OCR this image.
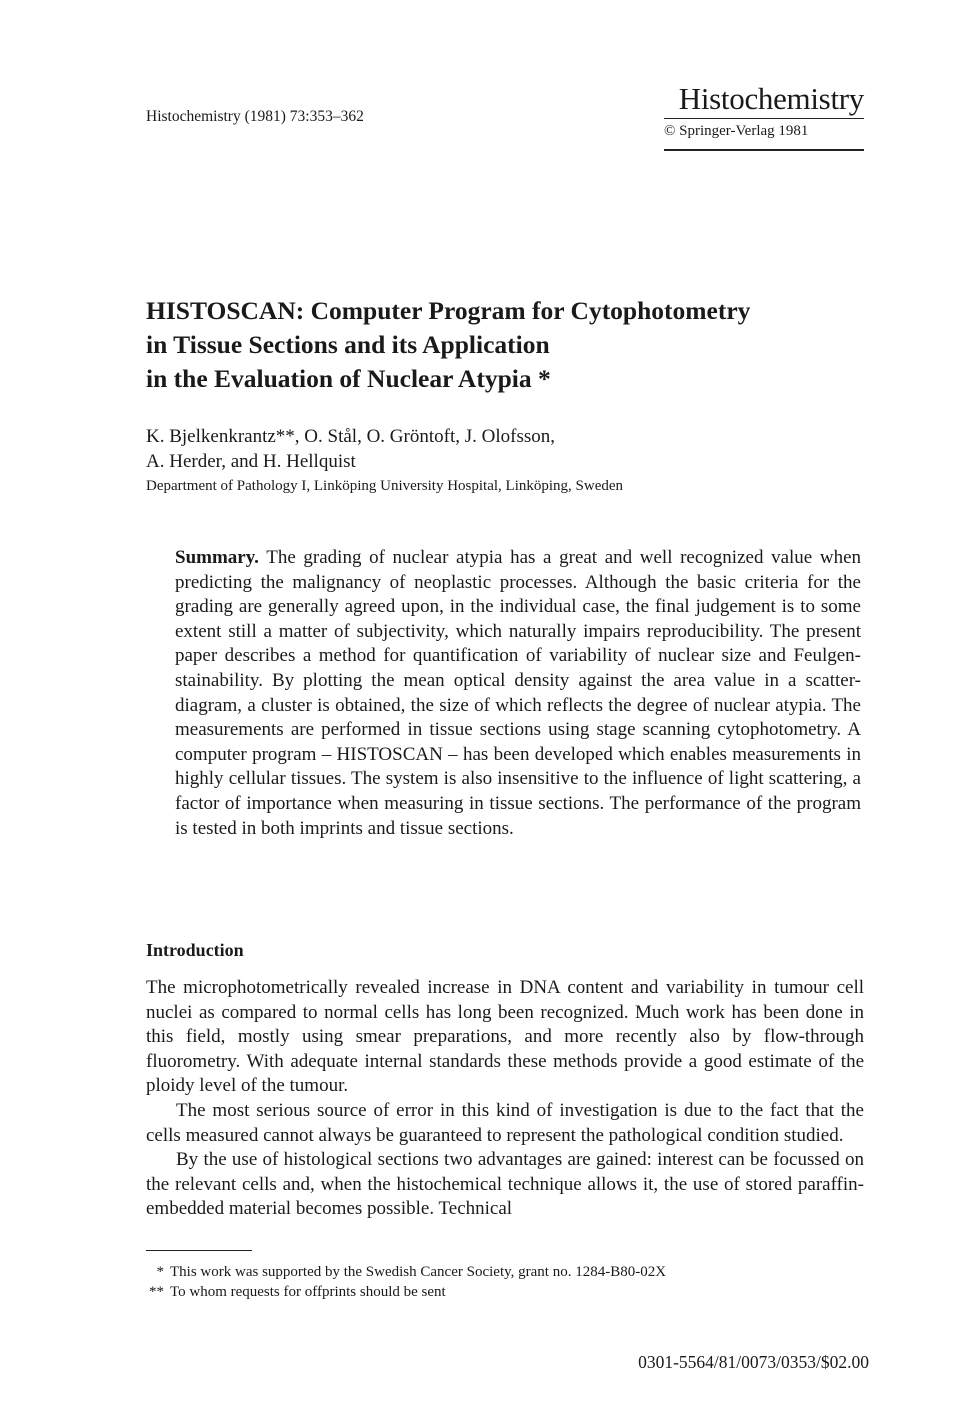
Histochemistry (1981) 73:353–362
Histochemistry
© Springer-Verlag 1981
HISTOSCAN: Computer Program for Cytophotometry
in Tissue Sections and its Application
in the Evaluation of Nuclear Atypia *
K. Bjelkenkrantz**, O. Stål, O. Gröntoft, J. Olofsson,
A. Herder, and H. Hellquist
Department of Pathology I, Linköping University Hospital, Linköping, Sweden
Summary. The grading of nuclear atypia has a great and well recognized value when predicting the malignancy of neoplastic processes. Although the basic criteria for the grading are generally agreed upon, in the individual case, the final judgement is to some extent still a matter of subjectivity, which naturally impairs reproducibility. The present paper describes a method for quantification of variability of nuclear size and Feulgen-stainability. By plotting the mean optical density against the area value in a scatter-diagram, a cluster is obtained, the size of which reflects the degree of nuclear atypia. The measurements are performed in tissue sections using stage scanning cytophotometry. A computer program – HISTOSCAN – has been developed which enables measurements in highly cellular tissues. The system is also insensitive to the influence of light scattering, a factor of importance when measuring in tissue sections. The performance of the program is tested in both imprints and tissue sections.
Introduction

The microphotometrically revealed increase in DNA content and variability in tumour cell nuclei as compared to normal cells has long been recognized. Much work has been done in this field, mostly using smear preparations, and more recently also by flow-through fluorometry. With adequate internal standards these methods provide a good estimate of the ploidy level of the tumour.

The most serious source of error in this kind of investigation is due to the fact that the cells measured cannot always be guaranteed to represent the pathological condition studied.

By the use of histological sections two advantages are gained: interest can be focussed on the relevant cells and, when the histochemical technique allows it, the use of stored paraffin-embedded material becomes possible. Technical

* This work was supported by the Swedish Cancer Society, grant no. 1284-B80-02X
** To whom requests for offprints should be sent
0301-5564/81/0073/0353/$02.00
